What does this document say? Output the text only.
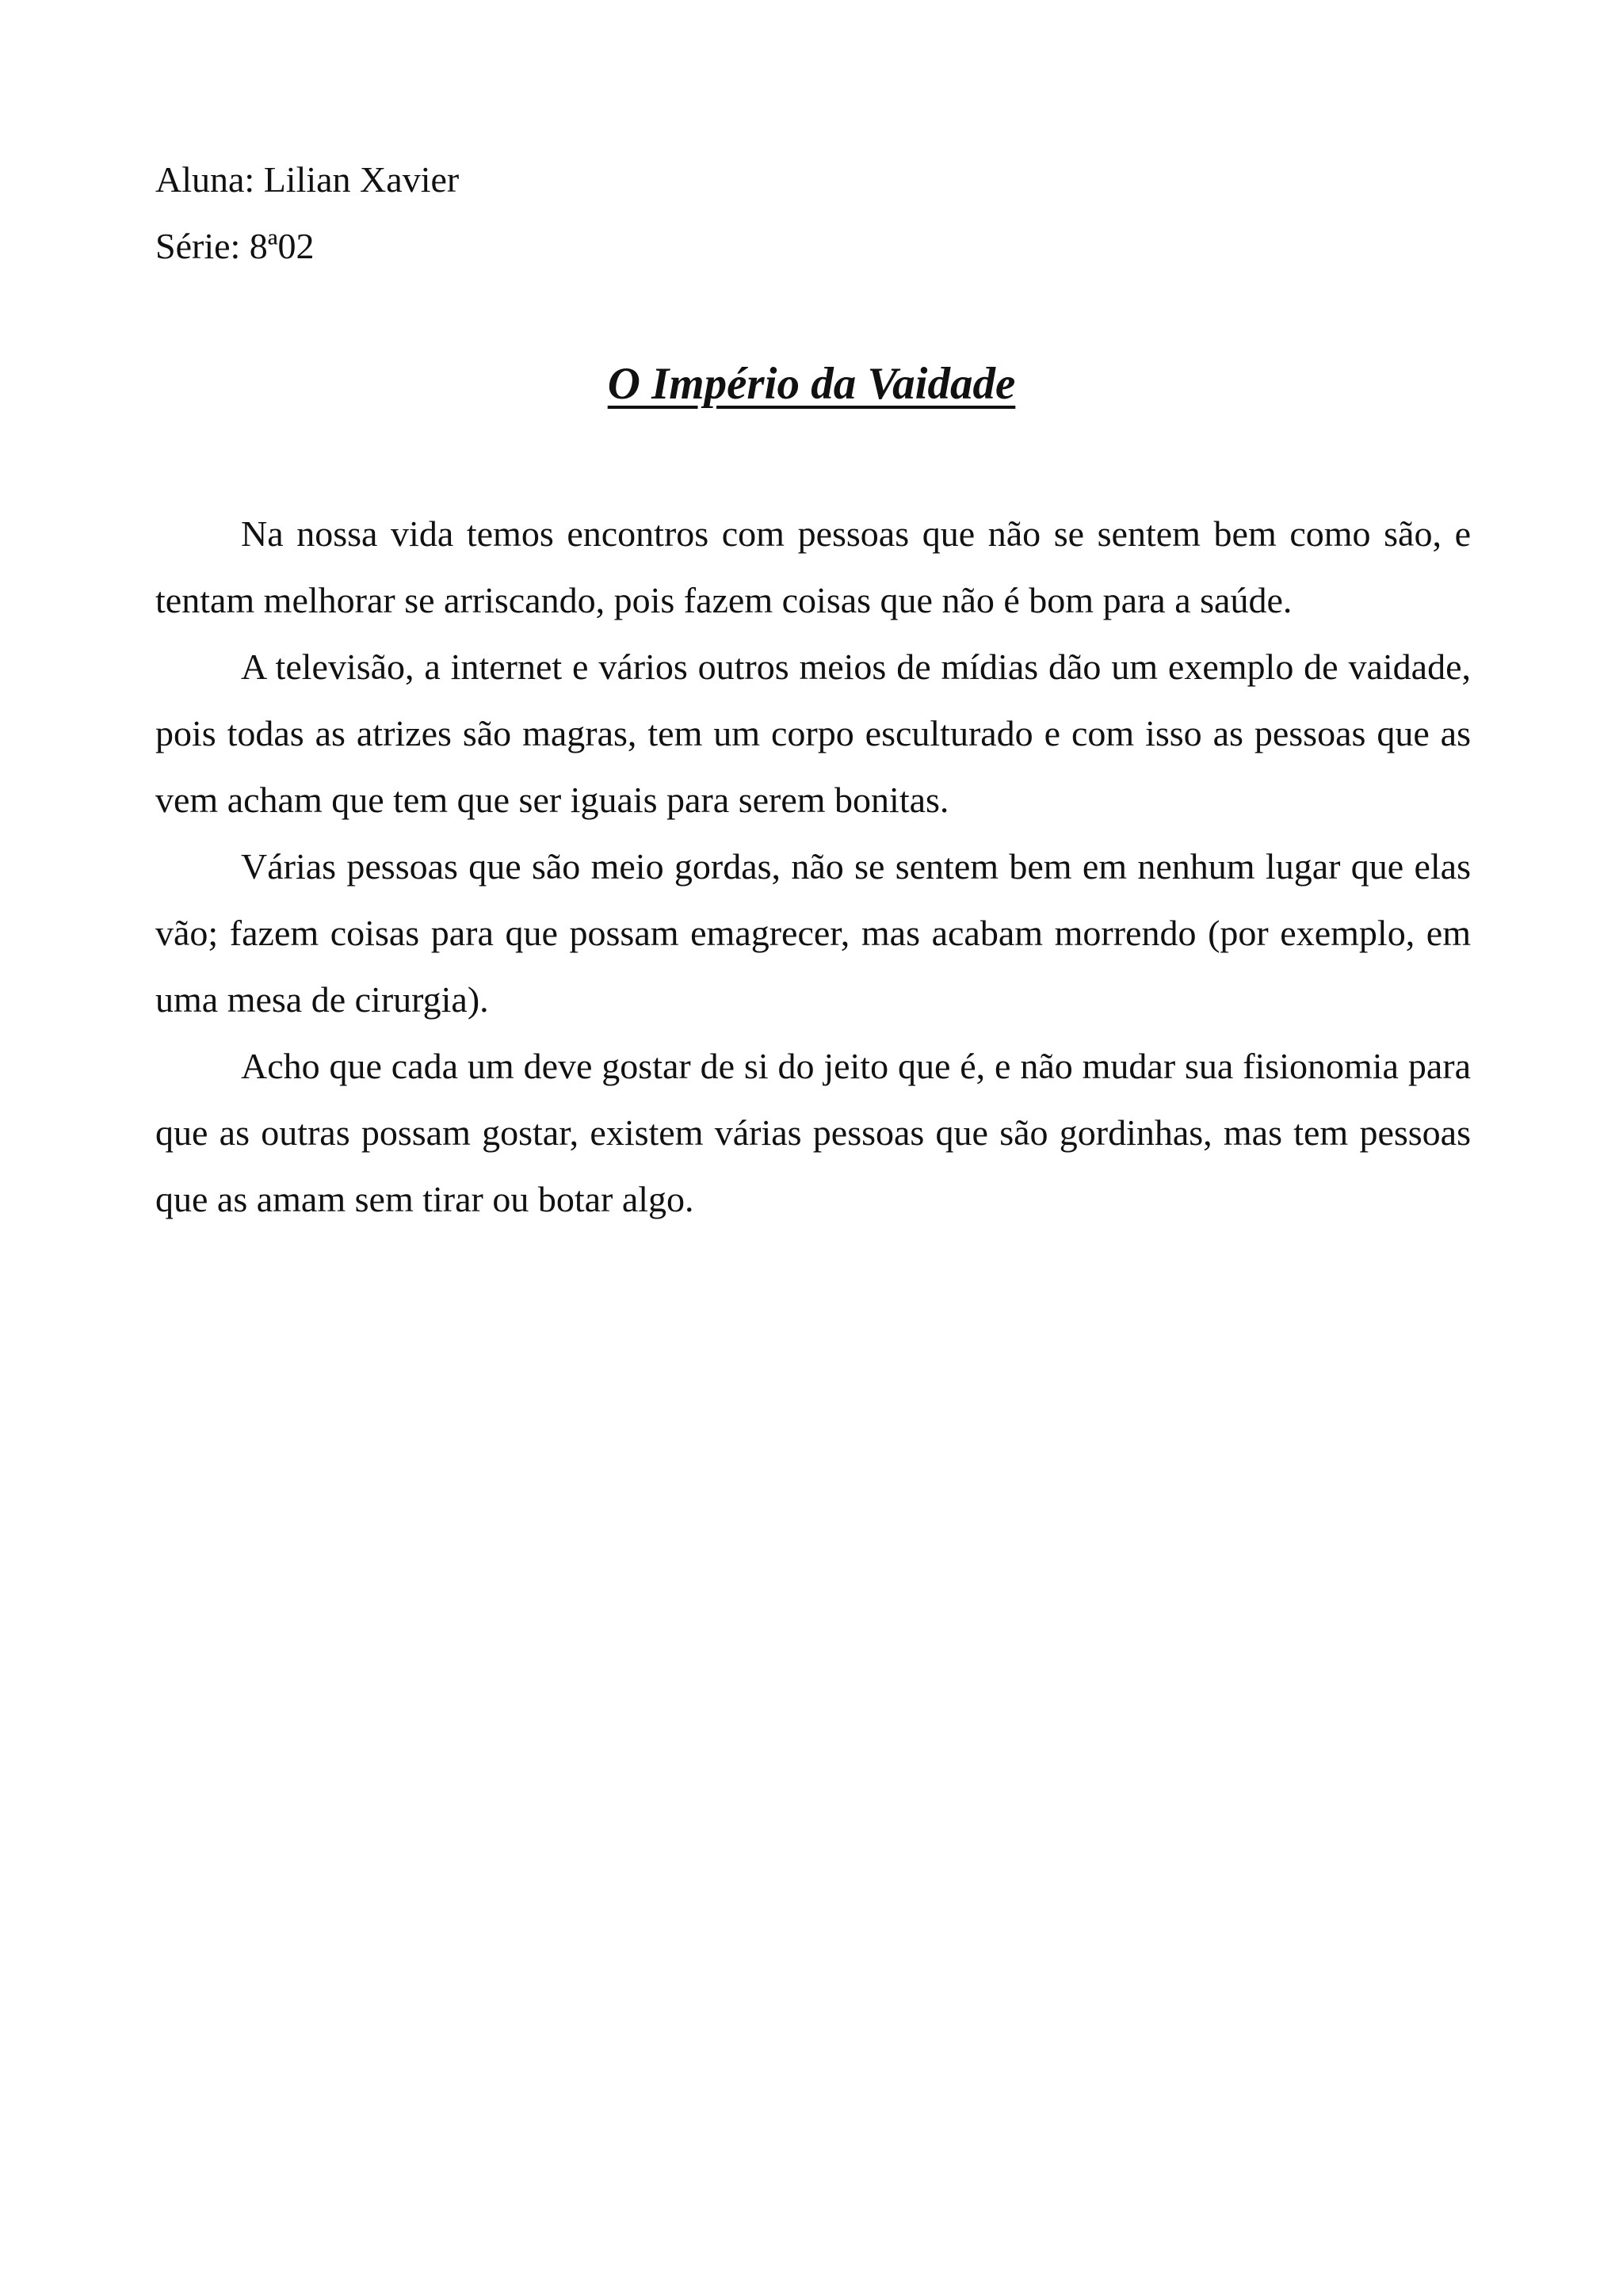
Aluna: Lilian Xavier
Série: 8ª02
O Império da Vaidade

Na nossa vida temos encontros com pessoas que não se sentem bem como são, e tentam melhorar se arriscando, pois fazem coisas que não é bom para a saúde.

A televisão, a internet e vários outros meios de mídias dão um exemplo de vaidade, pois todas as atrizes são magras, tem um corpo esculturado e com isso as pessoas que as vem acham que tem que ser iguais para serem bonitas.

Várias pessoas que são meio gordas, não se sentem bem em nenhum lugar que elas vão; fazem coisas para que possam emagrecer, mas acabam morrendo (por exemplo, em uma mesa de cirurgia).

Acho que cada um deve gostar de si do jeito que é, e não mudar sua fisionomia para que as outras possam gostar, existem várias pessoas que são gordinhas, mas tem pessoas que as amam sem tirar ou botar algo.
